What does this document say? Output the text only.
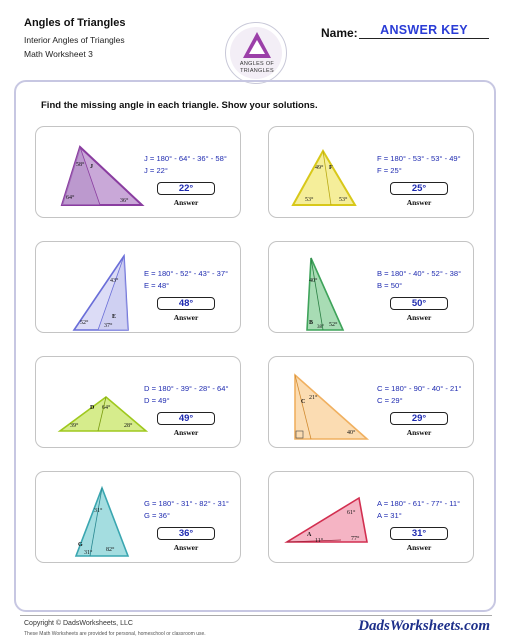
Angles of Triangles
Interior Angles of Triangles
Math Worksheet 3
ANGLES OF
TRIANGLES
Name:	ANSWER KEY
Find the missing angle in each triangle. Show your solutions.
58° J
64°	36°
J = 180° - 64° - 36° - 58°
J = 22°
22°
Answer
49° F
53°	53°
F = 180° - 53° - 53° - 49°
F = 25°
25°
Answer
43°
52°	37°
E
E = 180° - 52° - 43° - 37°
E = 48°
48°
Answer
40°
B
38° 52°
B = 180° - 40° - 52° - 38°
B = 50°
50°
Answer
D 64°
39°	28°
D = 180° - 39° - 28° - 64°
D = 49°
49°
Answer
21°
C
40°
C = 180° - 90° - 40° - 21°
C = 29°
29°
Answer
31°
G
31° 82°
G = 180° - 31° - 82° - 31°
G = 36°
36°
Answer
61°
A
11°	77°
A = 180° - 61° - 77° - 11°
A = 31°
31°
Answer
Copyright © DadsWorksheets, LLC
These Math Worksheets are provided for personal, homeschool or classroom use.	DadsWorksheets.com
